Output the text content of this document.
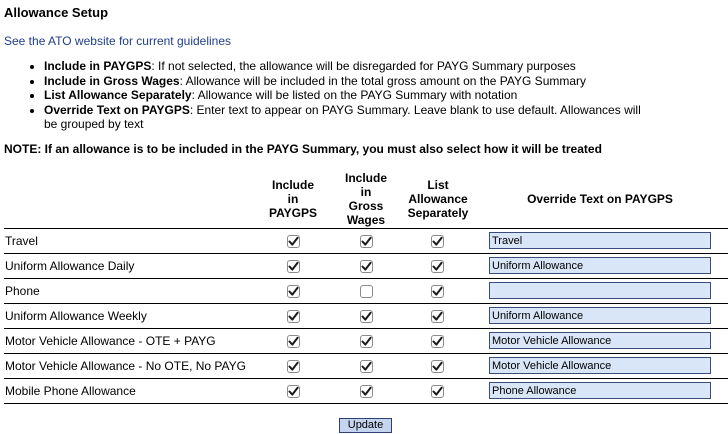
Allowance Setup
See the ATO website for current guidelines
• Include in PAYGPS: If not selected, the allowance will be disregarded for PAYG Summary purposes
• Include in Gross Wages: Allowance will be included in the total gross amount on the PAYG Summary
• List Allowance Separately: Allowance will be listed on the PAYG Summary with notation
• Override Text on PAYGPS: Enter text to appear on PAYG Summary. Leave blank to use default. Allowances will be grouped by text
NOTE: If an allowance is to be included in the PAYG Summary, you must also select how it will be treated
Include
in
PAYGPS
Include
in
Gross
Wages
List
Allowance
Separately
Override Text on PAYGPS
Travel
Travel
Uniform Allowance Daily
Uniform Allowance
Phone
Uniform Allowance Weekly
Uniform Allowance
Motor Vehicle Allowance - OTE + PAYG
Motor Vehicle Allowance
Motor Vehicle Allowance - No OTE, No PAYG
Motor Vehicle Allowance
Mobile Phone Allowance
Phone Allowance
Update
